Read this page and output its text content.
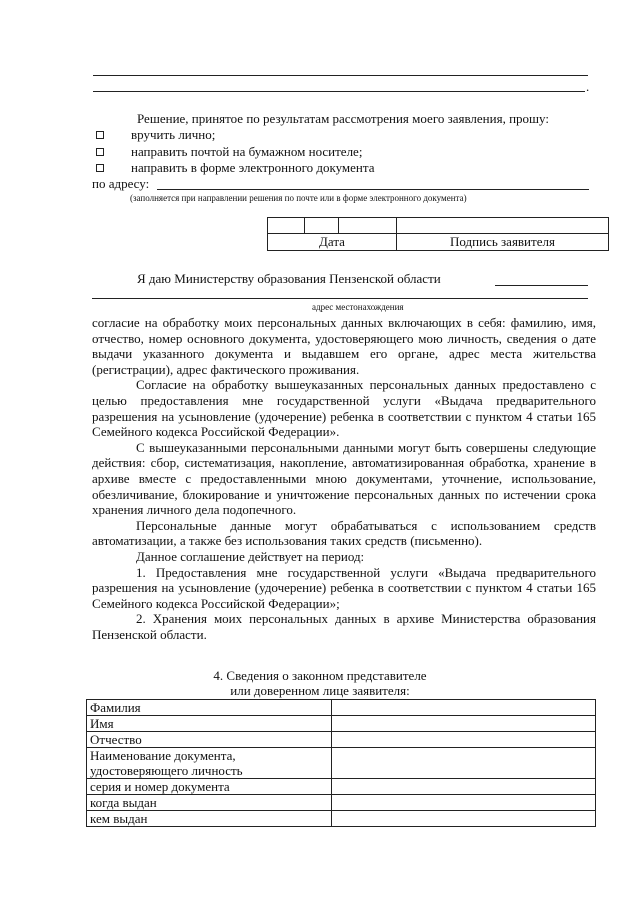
.
Решение, принятое по результатам рассмотрения моего заявления, прошу:
вручить лично;
направить почтой на бумажном носителе;
направить в форме электронного документа
по адресу:
(заполняется при направлении решения по почте или в форме электронного документа)

Дата			Подпись заявителя
Я даю Министерству образования Пензенской области
адрес местонахождения

согласие на обработку моих персональных данных включающих в себя: фамилию, имя, отчество, номер основного документа, удостоверяющего мою личность, сведения о дате выдачи указанного документа и выдавшем его органе, адрес места жительства (регистрации), адрес фактического проживания.

Согласие на обработку вышеуказанных персональных данных предоставлено с целью предоставления мне государственной услуги «Выдача предварительного разрешения на усыновление (удочерение) ребенка в соответствии с пунктом 4 статьи 165 Семейного кодекса Российской Федерации».

С вышеуказанными персональными данными могут быть совершены следующие действия: сбор, систематизация, накопление, автоматизированная обработка, хранение в архиве вместе с предоставленными мною документами, уточнение, использование, обезличивание, блокирование и уничтожение персональных данных по истечении срока хранения личного дела подопечного.

Персональные данные могут обрабатываться с использованием средств автоматизации, а также без использования таких средств (письменно).

Данное соглашение действует на период:

1. Предоставления мне государственной услуги «Выдача предварительного разрешения на усыновление (удочерение) ребенка в соответствии с пунктом 4 статьи 165 Семейного кодекса Российской Федерации»;

2. Хранения моих персональных данных в архиве Министерства образования Пензенской области.

4. Сведения о законном представителе
или доверенном лице заявителя:
Фамилия	
Имя	
Отчество	
Наименование документа, удостоверяющего личность	
серия и номер документа	
когда выдан	
кем выдан	
